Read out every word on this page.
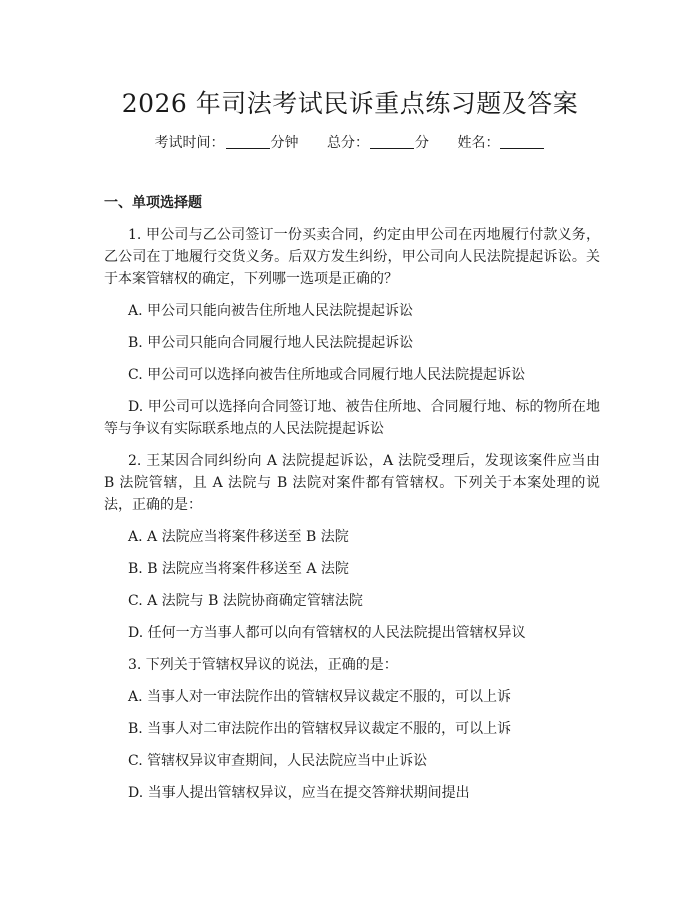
2026 年司法考试民诉重点练习题及答案
考试时间：	分钟 总分：	分 姓名：
一、单项选择题

1. 甲公司与乙公司签订一份买卖合同，约定由甲公司在丙地履行付款义务，乙公司在丁地履行交货义务。后双方发生纠纷，甲公司向人民法院提起诉讼。关于本案管辖权的确定，下列哪一选项是正确的？

A. 甲公司只能向被告住所地人民法院提起诉讼

B. 甲公司只能向合同履行地人民法院提起诉讼

C. 甲公司可以选择向被告住所地或合同履行地人民法院提起诉讼

D. 甲公司可以选择向合同签订地、被告住所地、合同履行地、标的物所在地等与争议有实际联系地点的人民法院提起诉讼

2. 王某因合同纠纷向 A 法院提起诉讼，A 法院受理后，发现该案件应当由 B 法院管辖，且 A 法院与 B 法院对案件都有管辖权。下列关于本案处理的说法，正确的是：

A. A 法院应当将案件移送至 B 法院

B. B 法院应当将案件移送至 A 法院

C. A 法院与 B 法院协商确定管辖法院

D. 任何一方当事人都可以向有管辖权的人民法院提出管辖权异议

3. 下列关于管辖权异议的说法，正确的是：

A. 当事人对一审法院作出的管辖权异议裁定不服的，可以上诉

B. 当事人对二审法院作出的管辖权异议裁定不服的，可以上诉

C. 管辖权异议审查期间，人民法院应当中止诉讼

D. 当事人提出管辖权异议，应当在提交答辩状期间提出
